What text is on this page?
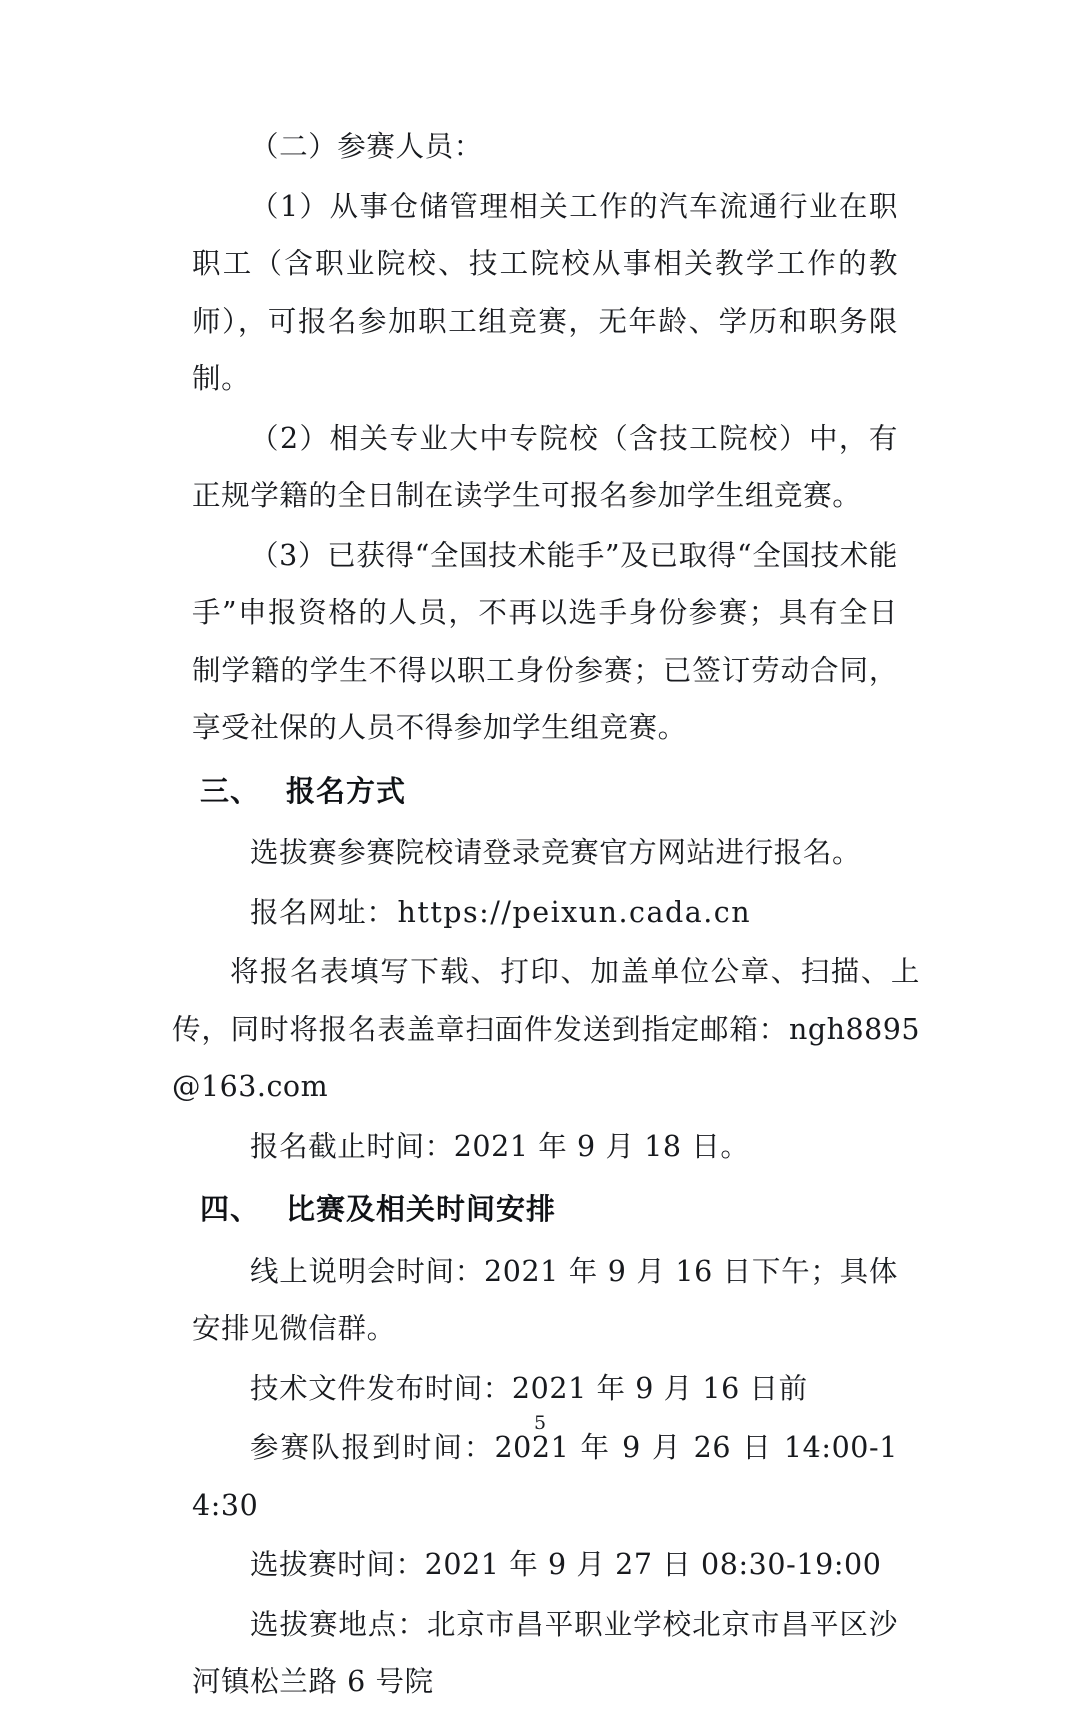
（二）参赛人员：

（1）从事仓储管理相关工作的汽车流通行业在职职工（含职业院校、技工院校从事相关教学工作的教师），可报名参加职工组竞赛，无年龄、学历和职务限制。

（2）相关专业大中专院校（含技工院校）中，有正规学籍的全日制在读学生可报名参加学生组竞赛。

（3）已获得“全国技术能手”及已取得“全国技术能手”申报资格的人员，不再以选手身份参赛；具有全日制学籍的学生不得以职工身份参赛；已签订劳动合同，享受社保的人员不得参加学生组竞赛。

三、 报名方式

选拔赛参赛院校请登录竞赛官方网站进行报名。

报名网址：https://peixun.cada.cn

将报名表填写下载、打印、加盖单位公章、扫描、上传，同时将报名表盖章扫面件发送到指定邮箱：ngh8895@163.com

报名截止时间：2021 年 9 月 18 日。

四、 比赛及相关时间安排

线上说明会时间：2021 年 9 月 16 日下午；具体安排见微信群。

技术文件发布时间：2021 年 9 月 16 日前

参赛队报到时间：2021 年 9 月 26 日 14:00-14:30

选拔赛时间：2021 年 9 月 27 日 08:30-19:00

选拔赛地点：北京市昌平职业学校北京市昌平区沙河镇松兰路 6 号院

5
